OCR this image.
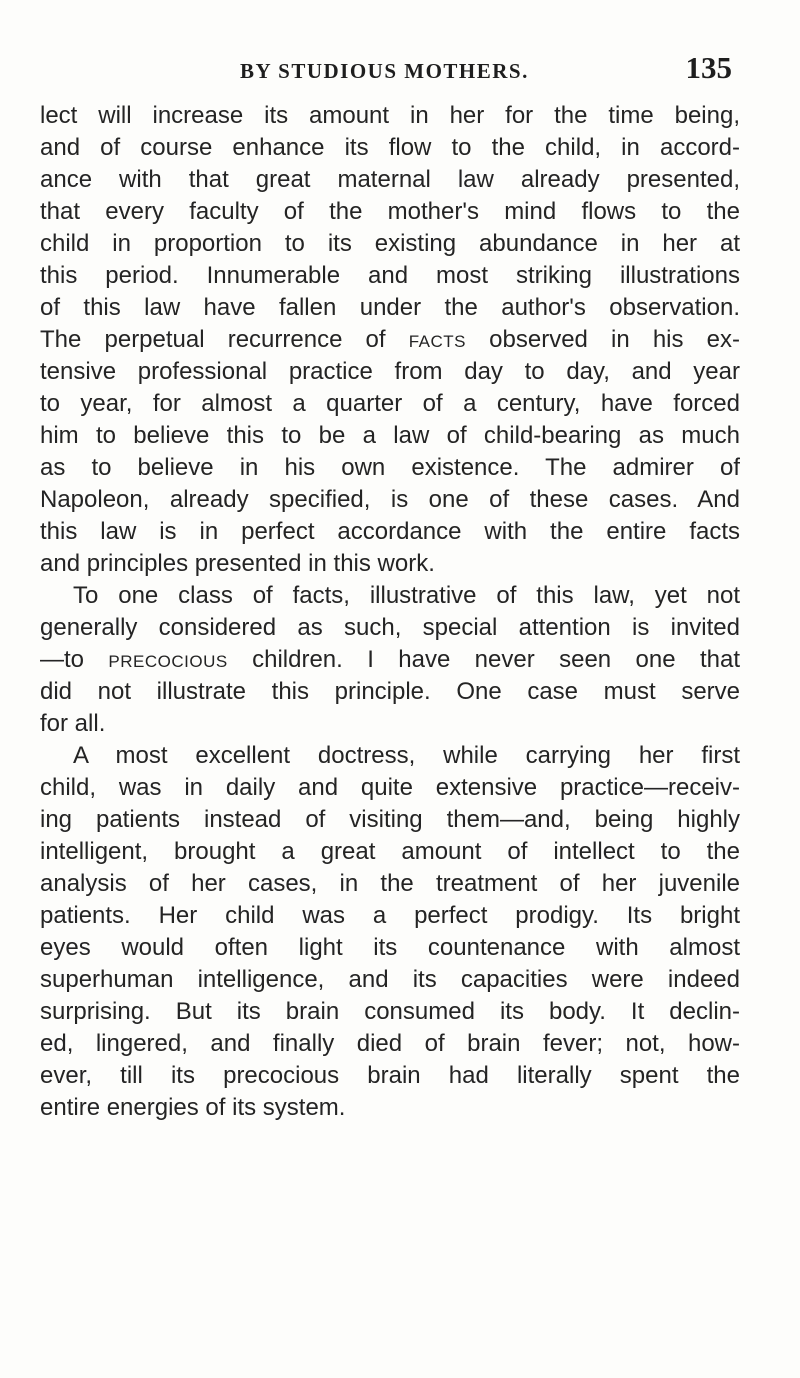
BY STUDIOUS MOTHERS.	135
lect will increase its amount in her for the time being,
and of course enhance its flow to the child, in accord-
ance with that great maternal law already presented,
that every faculty of the mother's mind flows to the
child in proportion to its existing abundance in her at
this period. Innumerable and most striking illustrations
of this law have fallen under the author's observation.
The perpetual recurrence of facts observed in his ex-
tensive professional practice from day to day, and year
to year, for almost a quarter of a century, have forced
him to believe this to be a law of child-bearing as much
as to believe in his own existence. The admirer of
Napoleon, already specified, is one of these cases. And
this law is in perfect accordance with the entire facts
and principles presented in this work.
To one class of facts, illustrative of this law, yet not
generally considered as such, special attention is invited
—to precocious children. I have never seen one that
did not illustrate this principle. One case must serve
for all.
A most excellent doctress, while carrying her first
child, was in daily and quite extensive practice—receiv-
ing patients instead of visiting them—and, being highly
intelligent, brought a great amount of intellect to the
analysis of her cases, in the treatment of her juvenile
patients. Her child was a perfect prodigy. Its bright
eyes would often light its countenance with almost
superhuman intelligence, and its capacities were indeed
surprising. But its brain consumed its body. It declin-
ed, lingered, and finally died of brain fever; not, how-
ever, till its precocious brain had literally spent the
entire energies of its system.
